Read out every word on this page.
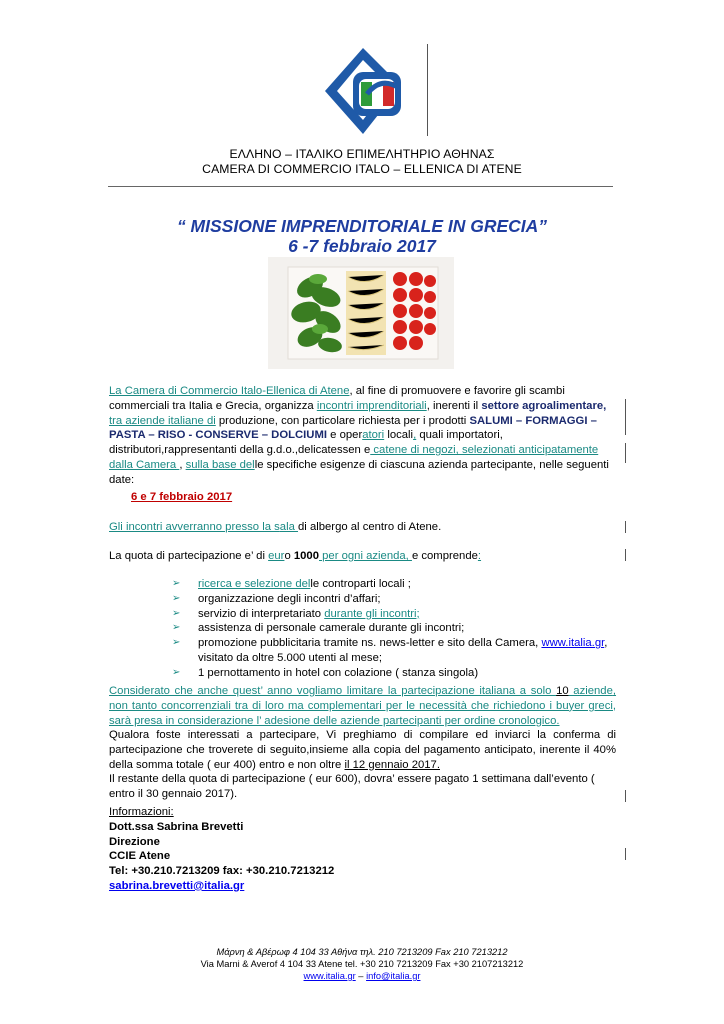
ΕΛΛΗΝΟ – ΙΤΑΛΙΚΟ ΕΠΙΜΕΛΗΤΗΡΙΟ ΑΘΗΝΑΣ
CAMERA DI COMMERCIO ITALO – ELLENICA DI ATENE
“ MISSIONE IMPRENDITORIALE IN GRECIA”
6 -7 febbraio 2017
La Camera di Commercio Italo-Ellenica di Atene, al fine di promuovere e favorire gli scambi commerciali tra Italia e Grecia, organizza incontri imprenditoriali, inerenti il settore agroalimentare, tra aziende italiane di produzione, con particolare richiesta per i prodotti SALUMI – FORMAGGI – PASTA – RISO - CONSERVE – DOLCIUMI e operatori locali, quali importatori, distributori,rappresentanti della g.d.o.,delicatessen e catene di negozi, selezionati anticipatamente dalla Camera , sulla base delle specifiche esigenze di ciascuna azienda partecipante, nelle seguenti date:
6 e 7 febbraio 2017
Gli incontri avverranno presso la sala di albergo al centro di Atene.
La quota di partecipazione e’ di euro 1000 per ogni azienda, e comprende:
➢ ricerca e selezione delle controparti locali ;
➢ organizzazione degli incontri d’affari;
➢ servizio di interpretariato durante gli incontri;
➢ assistenza di personale camerale durante gli incontri;
➢ promozione pubblicitaria tramite ns. news-letter e sito della Camera, www.italia.gr,
visitato da oltre 5.000 utenti al mese;
➢ 1 pernottamento in hotel con colazione ( stanza singola)
Considerato che anche quest’ anno vogliamo limitare la partecipazione italiana a solo 10 aziende, non tanto concorrenziali tra di loro ma complementari per le necessità che richiedono i buyer greci, sarà presa in considerazione l’ adesione delle aziende partecipanti per ordine cronologico.
Qualora foste interessati a partecipare, Vi preghiamo di compilare ed inviarci la conferma di partecipazione che troverete di seguito,insieme alla copia del pagamento anticipato, inerente il 40% della somma totale ( eur 400) entro e non oltre il 12 gennaio 2017.
Il restante della quota di partecipazione ( eur 600), dovra’ essere pagato 1 settimana dall’evento ( entro il 30 gennaio 2017).
Informazioni:
Dott.ssa Sabrina Brevetti
Direzione
CCIE Atene
Tel: +30.210.7213209 fax: +30.210.7213212
sabrina.brevetti@italia.gr
Μάρνη & Αβέρωφ 4 104 33 Αθήνα τηλ. 210 7213209 Fax 210 7213212
Via Marni & Averof 4 104 33 Atene tel. +30 210 7213209 Fax +30 2107213212
www.italia.gr – info@italia.gr
